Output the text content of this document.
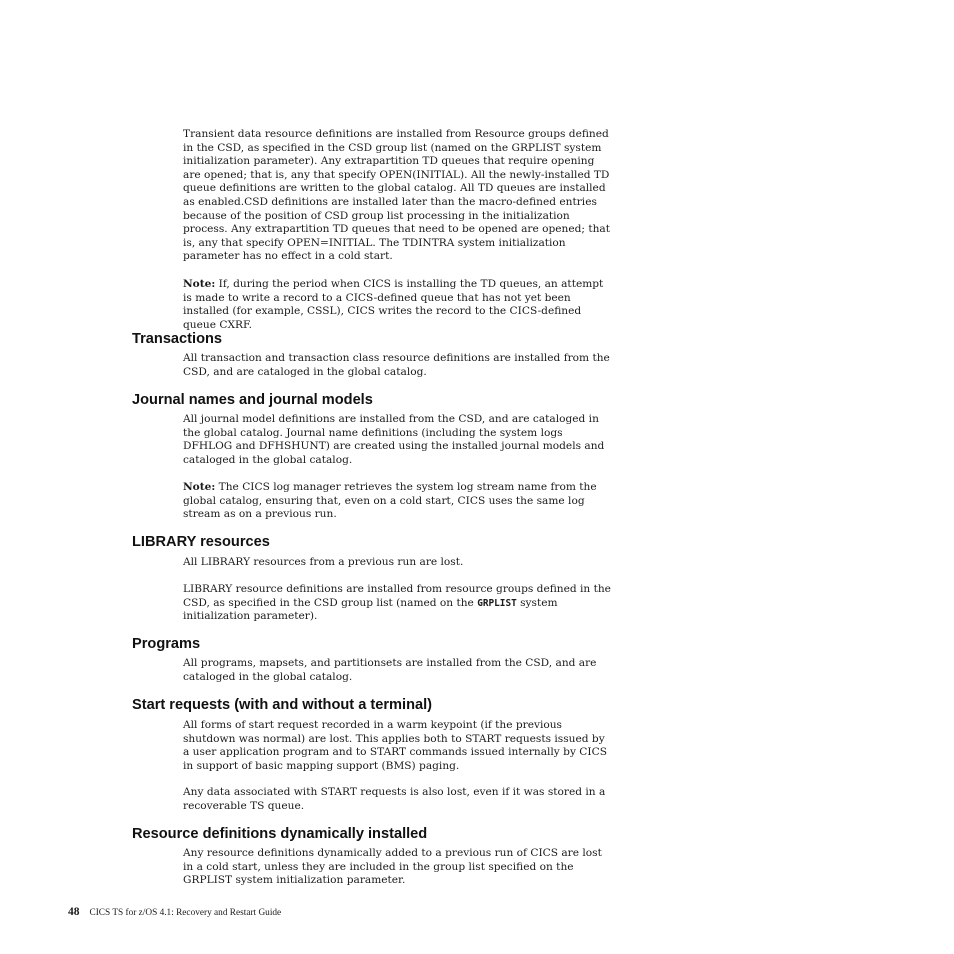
Transient data resource definitions are installed from Resource groups defined in the CSD, as specified in the CSD group list (named on the GRPLIST system initialization parameter). Any extrapartition TD queues that require opening are opened; that is, any that specify OPEN(INITIAL). All the newly-installed TD queue definitions are written to the global catalog. All TD queues are installed as enabled.CSD definitions are installed later than the macro-defined entries because of the position of CSD group list processing in the initialization process. Any extrapartition TD queues that need to be opened are opened; that is, any that specify OPEN=INITIAL. The TDINTRA system initialization parameter has no effect in a cold start.

Note: If, during the period when CICS is installing the TD queues, an attempt is made to write a record to a CICS-defined queue that has not yet been installed (for example, CSSL), CICS writes the record to the CICS-defined queue CXRF.

Transactions

All transaction and transaction class resource definitions are installed from the CSD, and are cataloged in the global catalog.

Journal names and journal models

All journal model definitions are installed from the CSD, and are cataloged in the global catalog. Journal name definitions (including the system logs DFHLOG and DFHSHUNT) are created using the installed journal models and cataloged in the global catalog.

Note: The CICS log manager retrieves the system log stream name from the global catalog, ensuring that, even on a cold start, CICS uses the same log stream as on a previous run.

LIBRARY resources

All LIBRARY resources from a previous run are lost.

LIBRARY resource definitions are installed from resource groups defined in the CSD, as specified in the CSD group list (named on the GRPLIST system initialization parameter).

Programs

All programs, mapsets, and partitionsets are installed from the CSD, and are cataloged in the global catalog.

Start requests (with and without a terminal)

All forms of start request recorded in a warm keypoint (if the previous shutdown was normal) are lost. This applies both to START requests issued by a user application program and to START commands issued internally by CICS in support of basic mapping support (BMS) paging.

Any data associated with START requests is also lost, even if it was stored in a recoverable TS queue.

Resource definitions dynamically installed

Any resource definitions dynamically added to a previous run of CICS are lost in a cold start, unless they are included in the group list specified on the GRPLIST system initialization parameter.

48 CICS TS for z/OS 4.1: Recovery and Restart Guide
